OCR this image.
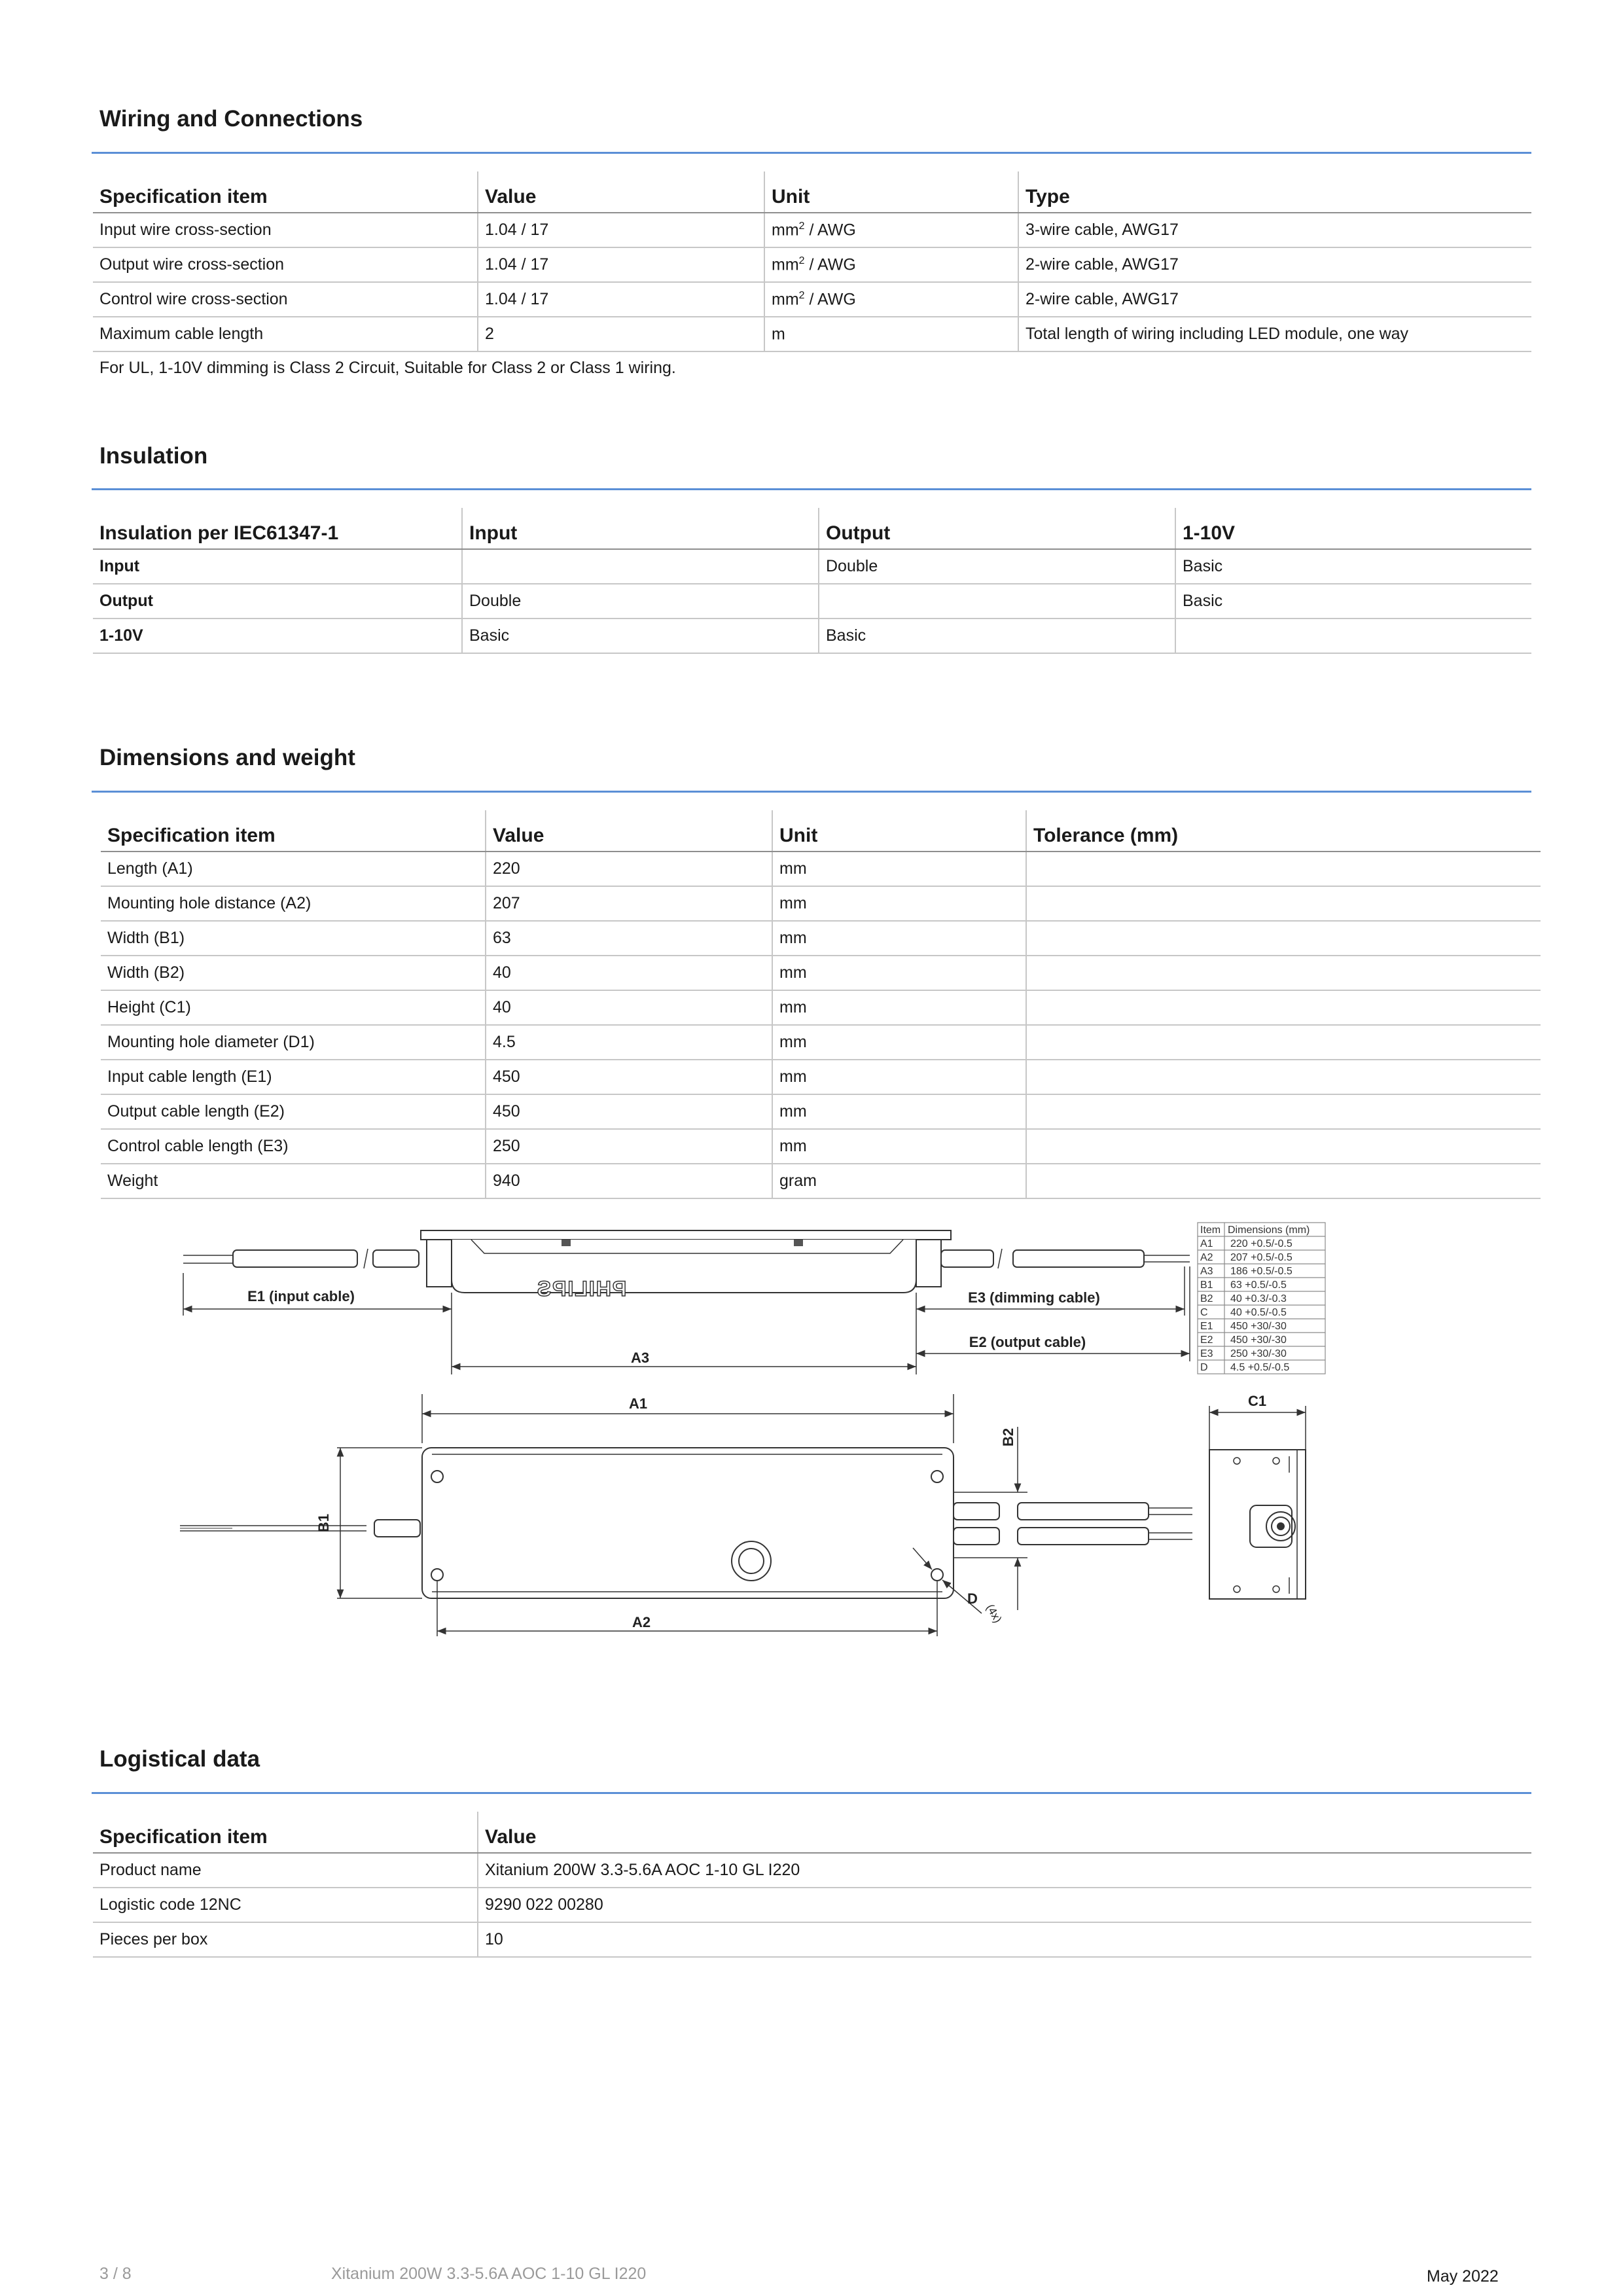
Wiring and Connections
Specification item	Value	Unit	Type
Input wire cross-section	1.04 / 17	$mm^2$ / AWG	3-wire cable, AWG17
Output wire cross-section	1.04 / 17	$mm^2$ / AWG	2-wire cable, AWG17
Control wire cross-section	1.04 / 17	$mm^2$ / AWG	2-wire cable, AWG17
Maximum cable length	2	m	Total length of wiring including LED module, one way
For UL, 1-10V dimming is Class 2 Circuit, Suitable for Class 2 or Class 1 wiring.
Insulation
Insulation per IEC61347-1	Input	Output	1-10V
Input		Double	Basic
Output	Double		Basic
1-10V	Basic	Basic	
Dimensions and weight
Specification item	Value	Unit	Tolerance (mm)
Length (A1)	220	mm	
Mounting hole distance (A2)	207	mm	
Width (B1)	63	mm	
Width (B2)	40	mm	
Height (C1)	40	mm	
Mounting hole diameter (D1)	4.5	mm	
Input cable length (E1)	450	mm	
Output cable length (E2)	450	mm	
Control cable length (E3)	250	mm	
Weight	940	gram	
PHILIPS
E1 (input cable)	E3 (dimming cable)
E2 (output cable)
A3
A1
A2
B1
B2
D
(4x)
C1
Item Dimensions (mm)
A1 220 +0.5/-0.5
A2 207 +0.5/-0.5
A3 186 +0.5/-0.5
B1 63 +0.5/-0.5
B2 40 +0.3/-0.3
C 40 +0.5/-0.5
E1 450 +30/-30
E2 450 +30/-30
E3 250 +30/-30
D 4.5 +0.5/-0.5
Logistical data
Specification item	Value
Product name	Xitanium 200W 3.3-5.6A AOC 1-10 GL I220
Logistic code 12NC	9290 022 00280
Pieces per box	10
3 / 8	Xitanium 200W 3.3-5.6A AOC 1-10 GL I220	May 2022
